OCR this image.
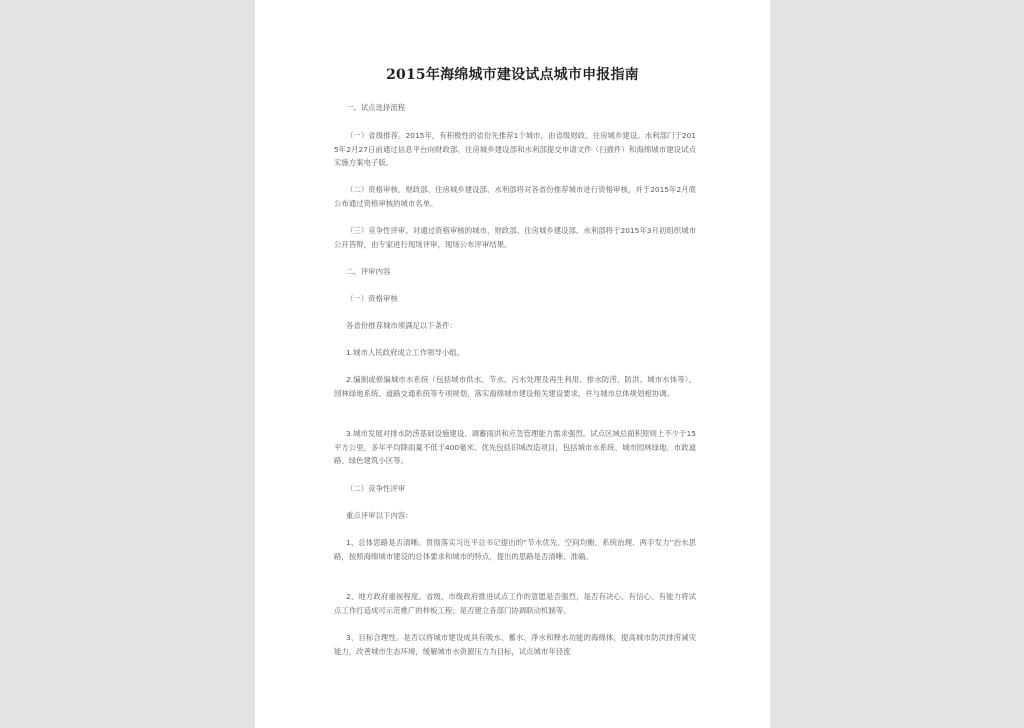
2015年海绵城市建设试点城市申报指南

一、试点选择流程

（一）省级推荐。2015年，有积极性的省份先推荐1个城市，由省级财政、住房城乡建设、水利部门于2015年2月27日前通过信息平台向财政部、住房城乡建设部和水利部提交申请文件（扫描件）和海绵城市建设试点实施方案电子版。

（二）资格审核。财政部、住房城乡建设部、水利部将对各省份推荐城市进行资格审核，并于2015年2月底公布通过资格审核的城市名单。

（三）竞争性评审。对通过资格审核的城市，财政部、住房城乡建设部、水利部将于2015年3月初组织城市公开答辩，由专家进行现场评审，现场公布评审结果。

二、评审内容

（一）资格审核

各省份推荐城市须满足以下条件：

1.城市人民政府成立工作领导小组。

2.编制或修编城市水系统（包括城市供水、节水、污水处理及再生利用、排水防涝、防洪、城市水体等）、园林绿地系统、道路交通系统等专项规划，落实海绵城市建设相关建设要求，并与城市总体规划相协调。

3.城市发展对排水防涝基础设施建设、调蓄雨洪和应急管理能力需求强烈。试点区域总面积原则上不少于15平方公里，多年平均降雨量不低于400毫米。优先包括旧城改造项目，包括城市水系统、城市园林绿地、市政道路、绿色建筑小区等。

（二）竞争性评审

重点评审以下内容：

1、总体思路是否清晰。贯彻落实习近平总书记提出的“节水优先、空间均衡、系统治理、两手发力”治水思路，按照海绵城市建设的总体要求和城市的特点，提出的思路是否清晰、准确。

2、地方政府重视程度。省级、市级政府推进试点工作的意愿是否强烈，是否有决心、有信心、有能力将试点工作打造成可示范推广的样板工程；是否建立各部门协调联动机制等。

3、目标合理性。是否以将城市建设成具有吸水、蓄水、净水和释水功能的海绵体，提高城市防洪排涝减灾能力，改善城市生态环境，缓解城市水资源压力为目标，试点城市年径流
